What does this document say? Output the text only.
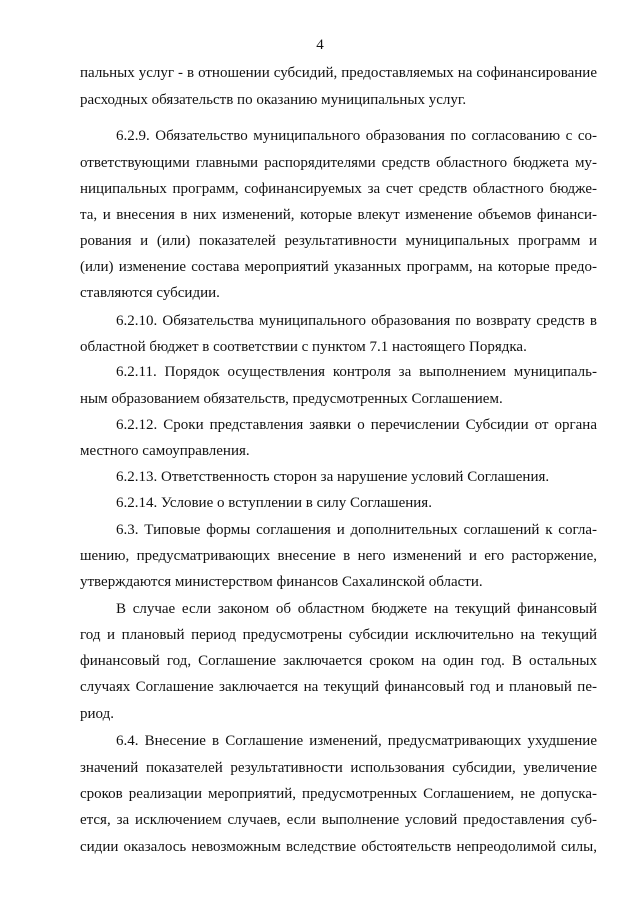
4
пальных услуг - в отношении субсидий, предоставляемых на софинансирование
расходных обязательств по оказанию муниципальных услуг.
6.2.9. Обязательство муниципального образования по согласованию с со-
ответствующими главными распорядителями средств областного бюджета му-
ниципальных программ, софинансируемых за счет средств областного бюдже-
та, и внесения в них изменений, которые влекут изменение объемов финанси-
рования и (или) показателей результативности муниципальных программ и
(или) изменение состава мероприятий указанных программ, на которые предо-
ставляются субсидии.
6.2.10. Обязательства муниципального образования по возврату средств в
областной бюджет в соответствии с пунктом 7.1 настоящего Порядка.
6.2.11. Порядок осуществления контроля за выполнением муниципаль-
ным образованием обязательств, предусмотренных Соглашением.
6.2.12. Сроки представления заявки о перечислении Субсидии от органа
местного самоуправления.
6.2.13. Ответственность сторон за нарушение условий Соглашения.
6.2.14. Условие о вступлении в силу Соглашения.
6.3. Типовые формы соглашения и дополнительных соглашений к согла-
шению, предусматривающих внесение в него изменений и его расторжение,
утверждаются министерством финансов Сахалинской области.
В случае если законом об областном бюджете на текущий финансовый
год и плановый период предусмотрены субсидии исключительно на текущий
финансовый год, Соглашение заключается сроком на один год. В остальных
случаях Соглашение заключается на текущий финансовый год и плановый пе-
риод.
6.4. Внесение в Соглашение изменений, предусматривающих ухудшение
значений показателей результативности использования субсидии, увеличение
сроков реализации мероприятий, предусмотренных Соглашением, не допуска-
ется, за исключением случаев, если выполнение условий предоставления суб-
сидии оказалось невозможным вследствие обстоятельств непреодолимой силы,
